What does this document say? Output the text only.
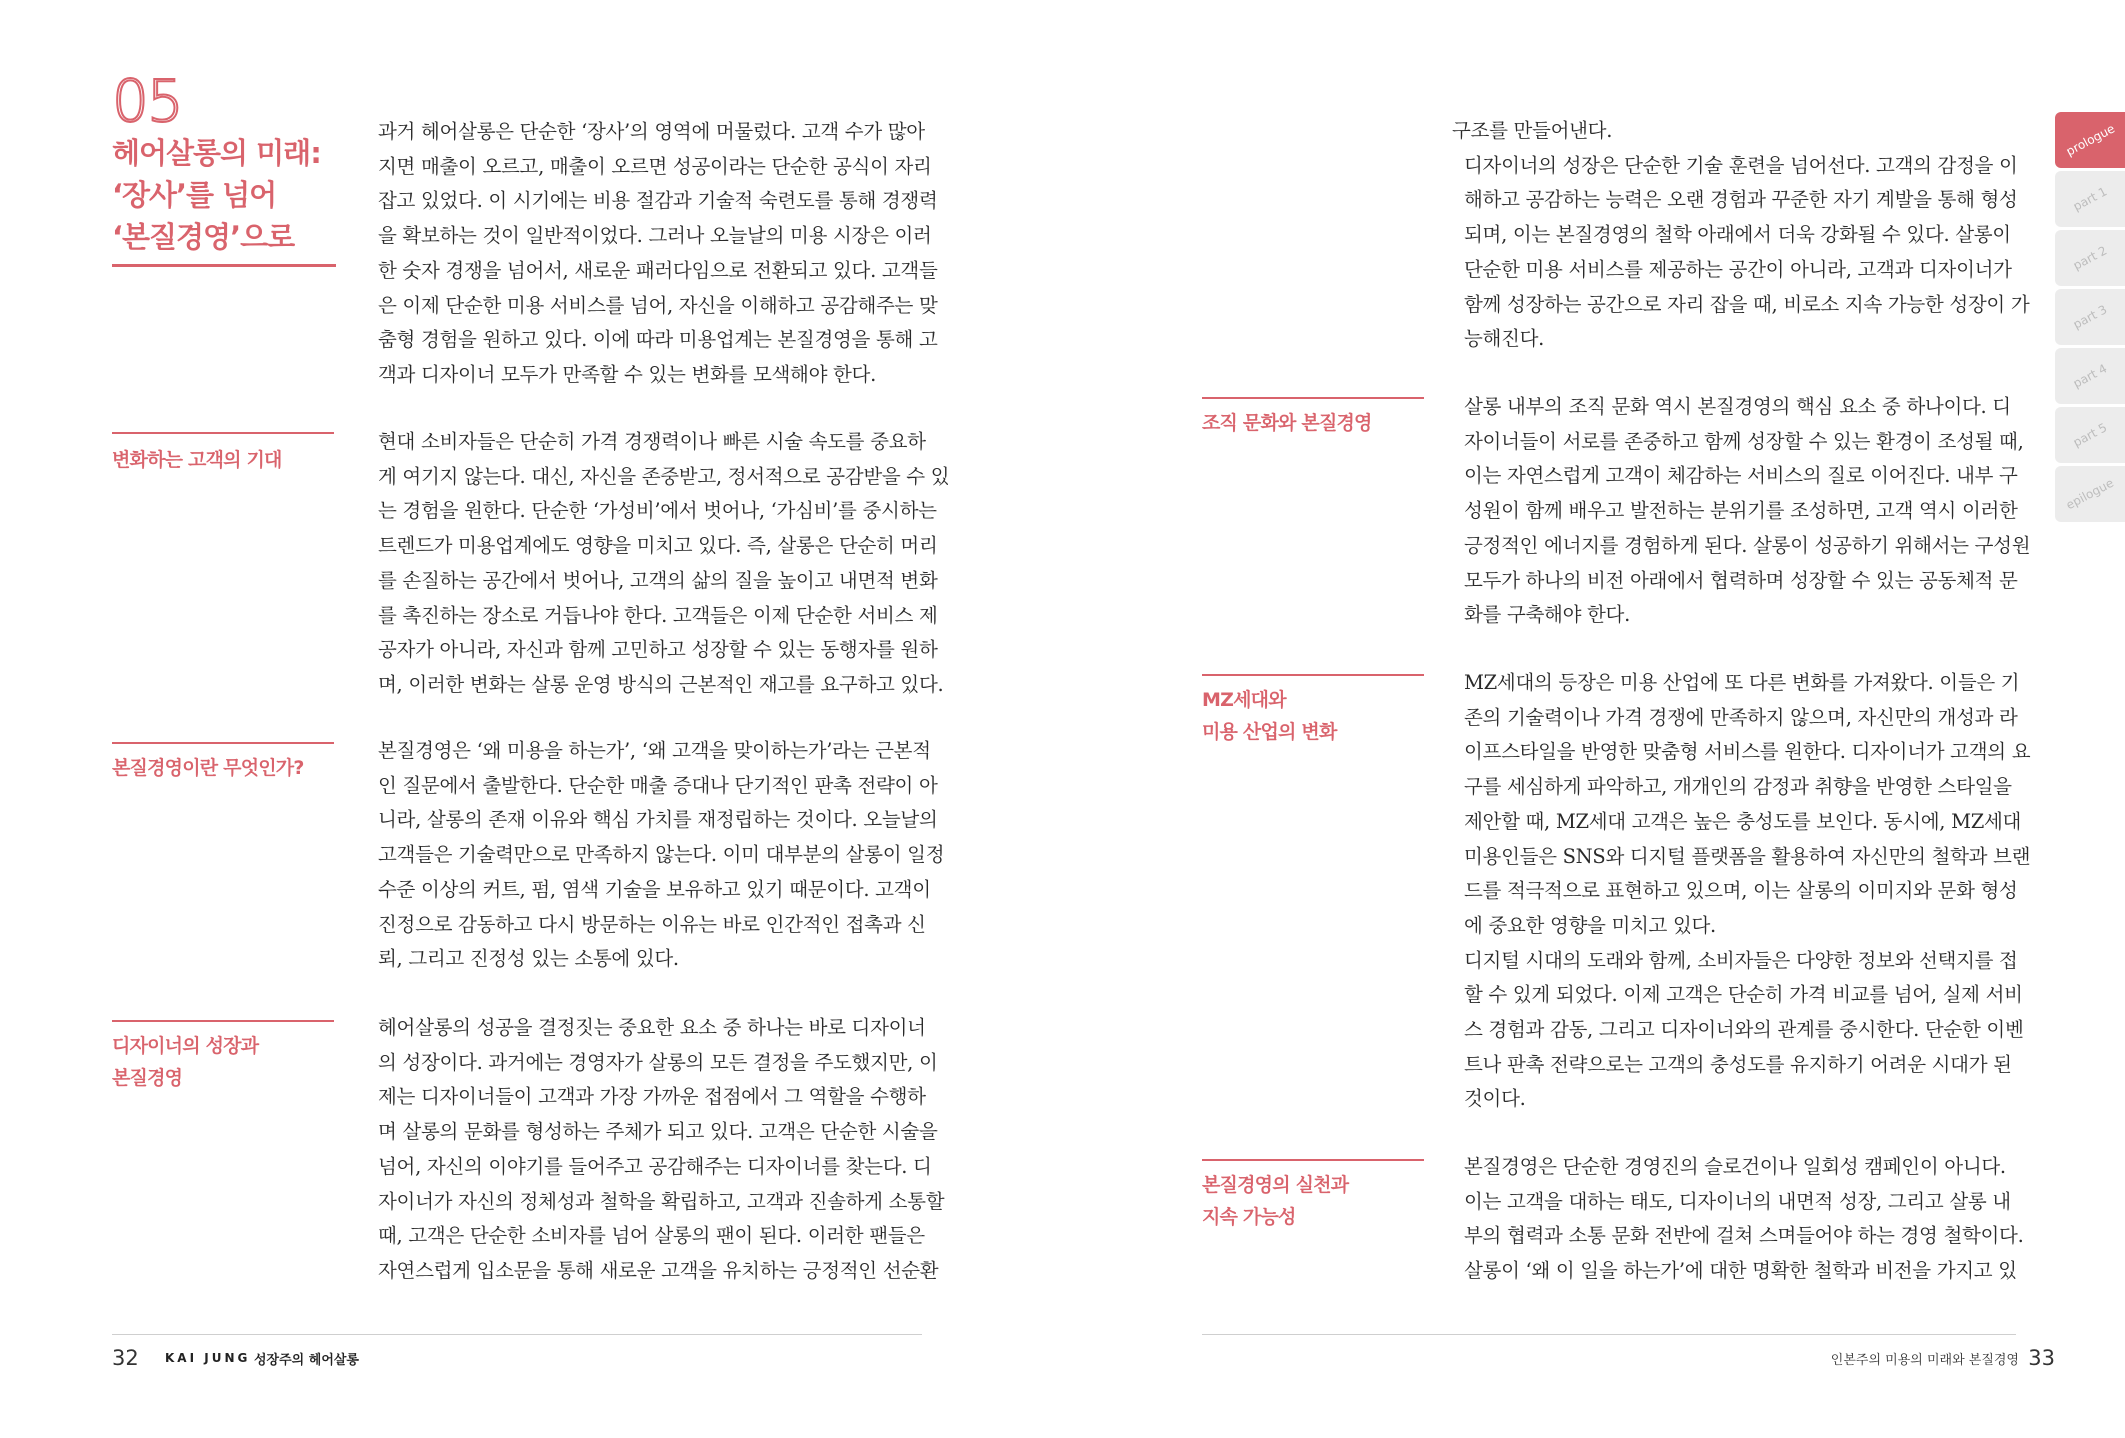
05
헤어살롱의 미래:
‘장사’를 넘어
‘본질경영’으로

과거 헤어살롱은 단순한 ‘장사’의 영역에 머물렀다. 고객 수가 많아
지면 매출이 오르고, 매출이 오르면 성공이라는 단순한 공식이 자리
잡고 있었다. 이 시기에는 비용 절감과 기술적 숙련도를 통해 경쟁력
을 확보하는 것이 일반적이었다. 그러나 오늘날의 미용 시장은 이러
한 숫자 경쟁을 넘어서, 새로운 패러다임으로 전환되고 있다. 고객들
은 이제 단순한 미용 서비스를 넘어, 자신을 이해하고 공감해주는 맞
춤형 경험을 원하고 있다. 이에 따라 미용업계는 본질경영을 통해 고
객과 디자이너 모두가 만족할 수 있는 변화를 모색해야 한다.

변화하는 고객의 기대

현대 소비자들은 단순히 가격 경쟁력이나 빠른 시술 속도를 중요하
게 여기지 않는다. 대신, 자신을 존중받고, 정서적으로 공감받을 수 있
는 경험을 원한다. 단순한 ‘가성비’에서 벗어나, ‘가심비’를 중시하는
트렌드가 미용업계에도 영향을 미치고 있다. 즉, 살롱은 단순히 머리
를 손질하는 공간에서 벗어나, 고객의 삶의 질을 높이고 내면적 변화
를 촉진하는 장소로 거듭나야 한다. 고객들은 이제 단순한 서비스 제
공자가 아니라, 자신과 함께 고민하고 성장할 수 있는 동행자를 원하
며, 이러한 변화는 살롱 운영 방식의 근본적인 재고를 요구하고 있다.

본질경영이란 무엇인가?

본질경영은 ‘왜 미용을 하는가’, ‘왜 고객을 맞이하는가’라는 근본적
인 질문에서 출발한다. 단순한 매출 증대나 단기적인 판촉 전략이 아
니라, 살롱의 존재 이유와 핵심 가치를 재정립하는 것이다. 오늘날의
고객들은 기술력만으로 만족하지 않는다. 이미 대부분의 살롱이 일정
수준 이상의 커트, 펌, 염색 기술을 보유하고 있기 때문이다. 고객이
진정으로 감동하고 다시 방문하는 이유는 바로 인간적인 접촉과 신
뢰, 그리고 진정성 있는 소통에 있다.

디자이너의 성장과
본질경영

헤어살롱의 성공을 결정짓는 중요한 요소 중 하나는 바로 디자이너
의 성장이다. 과거에는 경영자가 살롱의 모든 결정을 주도했지만, 이
제는 디자이너들이 고객과 가장 가까운 접점에서 그 역할을 수행하
며 살롱의 문화를 형성하는 주체가 되고 있다. 고객은 단순한 시술을
넘어, 자신의 이야기를 들어주고 공감해주는 디자이너를 찾는다. 디
자이너가 자신의 정체성과 철학을 확립하고, 고객과 진솔하게 소통할
때, 고객은 단순한 소비자를 넘어 살롱의 팬이 된다. 이러한 팬들은
자연스럽게 입소문을 통해 새로운 고객을 유치하는 긍정적인 선순환

32 KAI JUNG 성장주의 헤어살롱

구조를 만들어낸다.

디자이너의 성장은 단순한 기술 훈련을 넘어선다. 고객의 감정을 이
해하고 공감하는 능력은 오랜 경험과 꾸준한 자기 계발을 통해 형성
되며, 이는 본질경영의 철학 아래에서 더욱 강화될 수 있다. 살롱이
단순한 미용 서비스를 제공하는 공간이 아니라, 고객과 디자이너가
함께 성장하는 공간으로 자리 잡을 때, 비로소 지속 가능한 성장이 가
능해진다.

조직 문화와 본질경영

살롱 내부의 조직 문화 역시 본질경영의 핵심 요소 중 하나이다. 디
자이너들이 서로를 존중하고 함께 성장할 수 있는 환경이 조성될 때,
이는 자연스럽게 고객이 체감하는 서비스의 질로 이어진다. 내부 구
성원이 함께 배우고 발전하는 분위기를 조성하면, 고객 역시 이러한
긍정적인 에너지를 경험하게 된다. 살롱이 성공하기 위해서는 구성원
모두가 하나의 비전 아래에서 협력하며 성장할 수 있는 공동체적 문
화를 구축해야 한다.

MZ세대와
미용 산업의 변화

MZ세대의 등장은 미용 산업에 또 다른 변화를 가져왔다. 이들은 기
존의 기술력이나 가격 경쟁에 만족하지 않으며, 자신만의 개성과 라
이프스타일을 반영한 맞춤형 서비스를 원한다. 디자이너가 고객의 요
구를 세심하게 파악하고, 개개인의 감정과 취향을 반영한 스타일을
제안할 때, MZ세대 고객은 높은 충성도를 보인다. 동시에, MZ세대
미용인들은 SNS와 디지털 플랫폼을 활용하여 자신만의 철학과 브랜
드를 적극적으로 표현하고 있으며, 이는 살롱의 이미지와 문화 형성
에 중요한 영향을 미치고 있다.

디지털 시대의 도래와 함께, 소비자들은 다양한 정보와 선택지를 접
할 수 있게 되었다. 이제 고객은 단순히 가격 비교를 넘어, 실제 서비
스 경험과 감동, 그리고 디자이너와의 관계를 중시한다. 단순한 이벤
트나 판촉 전략으로는 고객의 충성도를 유지하기 어려운 시대가 된
것이다.

본질경영의 실천과
지속 가능성

본질경영은 단순한 경영진의 슬로건이나 일회성 캠페인이 아니다.
이는 고객을 대하는 태도, 디자이너의 내면적 성장, 그리고 살롱 내
부의 협력과 소통 문화 전반에 걸쳐 스며들어야 하는 경영 철학이다.
살롱이 ‘왜 이 일을 하는가’에 대한 명확한 철학과 비전을 가지고 있

인본주의 미용의 미래와 본질경영 33
prologue
part 1
part 2
part 3
part 4
part 5
epilogue
